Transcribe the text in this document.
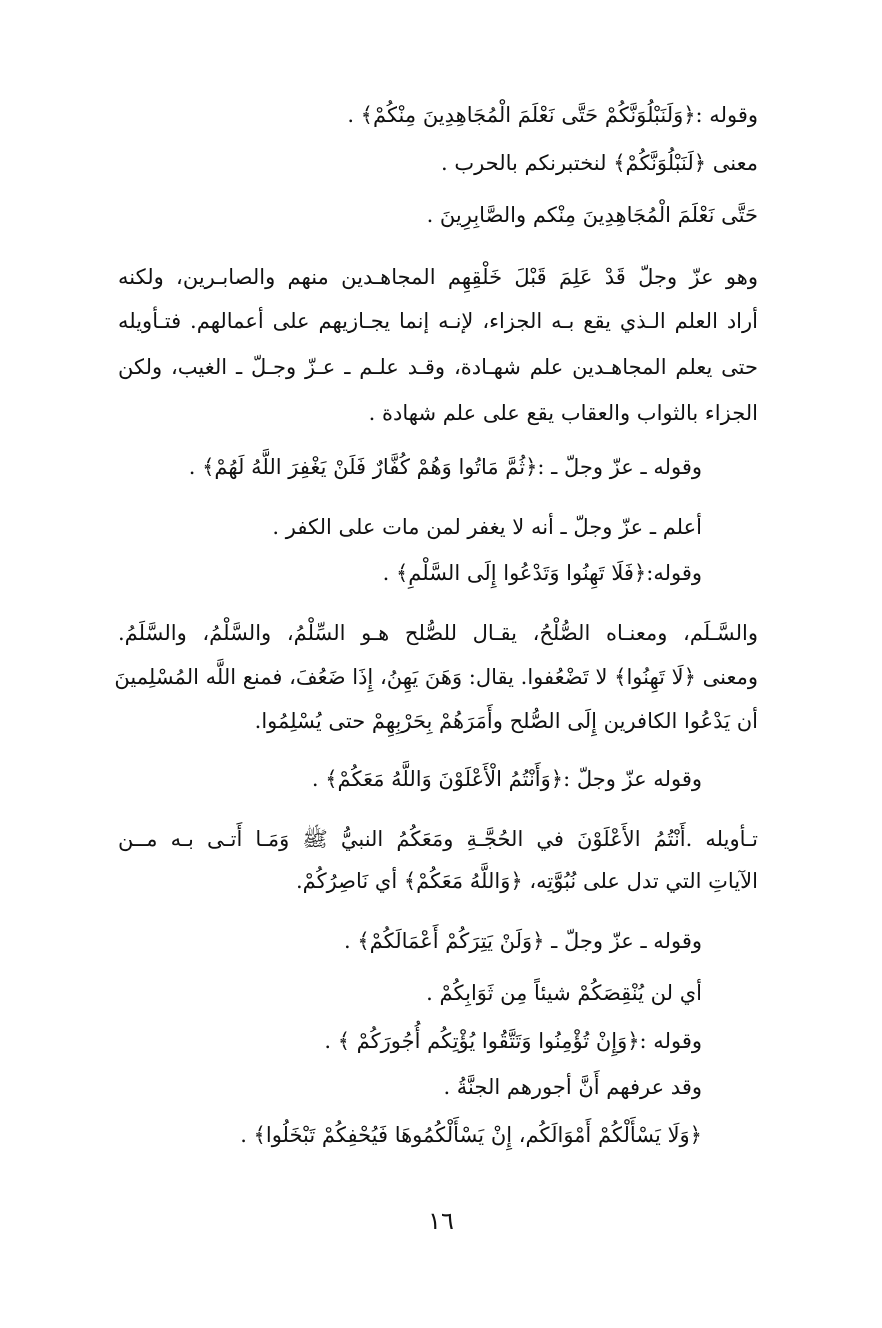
وقوله :﴿وَلَنَبْلُوَنَّكُمْ حَتَّى نَعْلَمَ الْمُجَاهِدِينَ مِنْكُمْ﴾ .

معنى ﴿لَنَبْلُوَنَّكُمْ﴾ لنختبرنكم بالحرب .

حَتَّى نَعْلَمَ الْمُجَاهِدِينَ مِنْكم والصَّابِرِينَ .

وهو عزّ وجلّ قَدْ عَلِمَ قَبْلَ خَلْقِهِم المجاهـدين منهم والصابـرين، ولكنه

أراد العلم الـذي يقع بـه الجزاء، لإنـه إنما يجـازيهم على أعمالهم. فتـأويله

حتى يعلم المجاهـدين علم شهـادة، وقـد علـم ـ عـزّ وجـلّ ـ الغيب، ولكن

الجزاء بالثواب والعقاب يقع على علم شهادة .

وقوله ـ عزّ وجلّ ـ :﴿ثُمَّ مَاتُوا وَهُمْ كُفَّارٌ فَلَنْ يَغْفِرَ اللَّهُ لَهُمْ﴾ .

أعلم ـ عزّ وجلّ ـ أنه لا يغفر لمن مات على الكفر .

وقوله:﴿فَلَا تَهِنُوا وَتَدْعُوا إِلَى السَّلْمِ﴾ .

والسَّـلَم، ومعنـاه الصُّلْحُ، يقـال للصُّلح هـو السِّلْمُ، والسَّلْمُ، والسَّلَمُ.

ومعنى ﴿لَا تَهِنُوا﴾ لا تَضْعُفوا. يقال: وَهَنَ يَهِنُ، إِذَا ضَعُفَ، فمنع اللَّه المُسْلِمينَ

أن يَدْعُوا الكافرين إِلَى الصُّلح وأَمَرَهُمْ بِحَرْبِهِمْ حتى يُسْلِمُوا.

وقوله عزّ وجلّ :﴿وَأَنْتُمُ الْأَعْلَوْنَ وَاللَّهُ مَعَكُمْ﴾ .

تـأويله .أَنْتُمُ الأَعْلَوْنَ في الحُجَّـةِ ومَعَكُمُ النبيُّ ﷺ وَمَـا أَتـى بـه مــن

الآياتِ التي تدل على نُبُوَّتِه، ﴿وَاللَّهُ مَعَكُمْ﴾ أي نَاصِرُكُمْ.

وقوله ـ عزّ وجلّ ـ ﴿وَلَنْ يَتِرَكُمْ أَعْمَالَكُمْ﴾ .

أي لن يُنْقِصَكُمْ شيئاً مِن ثَوَابِكُمْ .

وقوله :﴿وَإِنْ تُؤْمِنُوا وَتَتَّقُوا يُؤْتِكُم أُجُورَكُمْ ﴾ .

وقد عرفهم أَنَّ أجورهم الجنَّةُ .

﴿وَلَا يَسْأَلْكُمْ أَمْوَالَكُم، إِنْ يَسْأَلْكُمُوهَا فَيُحْفِكُمْ تَبْخَلُوا﴾ .

١٦
